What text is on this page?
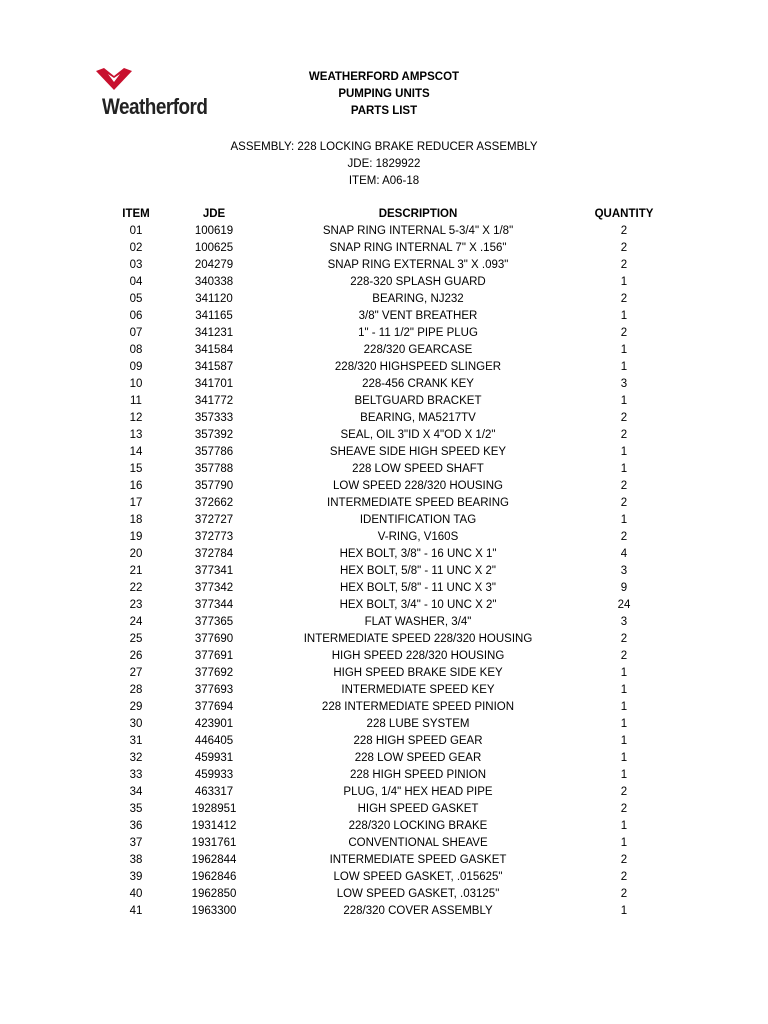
Weatherford
WEATHERFORD AMPSCOT
PUMPING UNITS
PARTS LIST
ASSEMBLY: 228 LOCKING BRAKE REDUCER ASSEMBLY
JDE: 1829922
ITEM: A06-18
ITEM	JDE	DESCRIPTION	QUANTITY
01	100619	SNAP RING INTERNAL 5-3/4" X 1/8"	2
02	100625	SNAP RING INTERNAL 7" X .156"	2
03	204279	SNAP RING EXTERNAL 3" X .093"	2
04	340338	228-320 SPLASH GUARD	1
05	341120	BEARING, NJ232	2
06	341165	3/8" VENT BREATHER	1
07	341231	1" - 11 1/2" PIPE PLUG	2
08	341584	228/320 GEARCASE	1
09	341587	228/320 HIGHSPEED SLINGER	1
10	341701	228-456 CRANK KEY	3
11	341772	BELTGUARD BRACKET	1
12	357333	BEARING, MA5217TV	2
13	357392	SEAL, OIL 3"ID X 4"OD X 1/2"	2
14	357786	SHEAVE SIDE HIGH SPEED KEY	1
15	357788	228 LOW SPEED SHAFT	1
16	357790	LOW SPEED 228/320 HOUSING	2
17	372662	INTERMEDIATE SPEED BEARING	2
18	372727	IDENTIFICATION TAG	1
19	372773	V-RING, V160S	2
20	372784	HEX BOLT, 3/8" - 16 UNC X 1"	4
21	377341	HEX BOLT, 5/8" - 11 UNC X 2"	3
22	377342	HEX BOLT, 5/8" - 11 UNC X 3"	9
23	377344	HEX BOLT, 3/4" - 10 UNC X 2"	24
24	377365	FLAT WASHER, 3/4"	3
25	377690	INTERMEDIATE SPEED 228/320 HOUSING	2
26	377691	HIGH SPEED 228/320 HOUSING	2
27	377692	HIGH SPEED BRAKE SIDE KEY	1
28	377693	INTERMEDIATE SPEED KEY	1
29	377694	228 INTERMEDIATE SPEED PINION	1
30	423901	228 LUBE SYSTEM	1
31	446405	228 HIGH SPEED GEAR	1
32	459931	228 LOW SPEED GEAR	1
33	459933	228 HIGH SPEED PINION	1
34	463317	PLUG, 1/4" HEX HEAD PIPE	2
35	1928951	HIGH SPEED GASKET	2
36	1931412	228/320 LOCKING BRAKE	1
37	1931761	CONVENTIONAL SHEAVE	1
38	1962844	INTERMEDIATE SPEED GASKET	2
39	1962846	LOW SPEED GASKET, .015625"	2
40	1962850	LOW SPEED GASKET, .03125"	2
41	1963300	228/320 COVER ASSEMBLY	1
